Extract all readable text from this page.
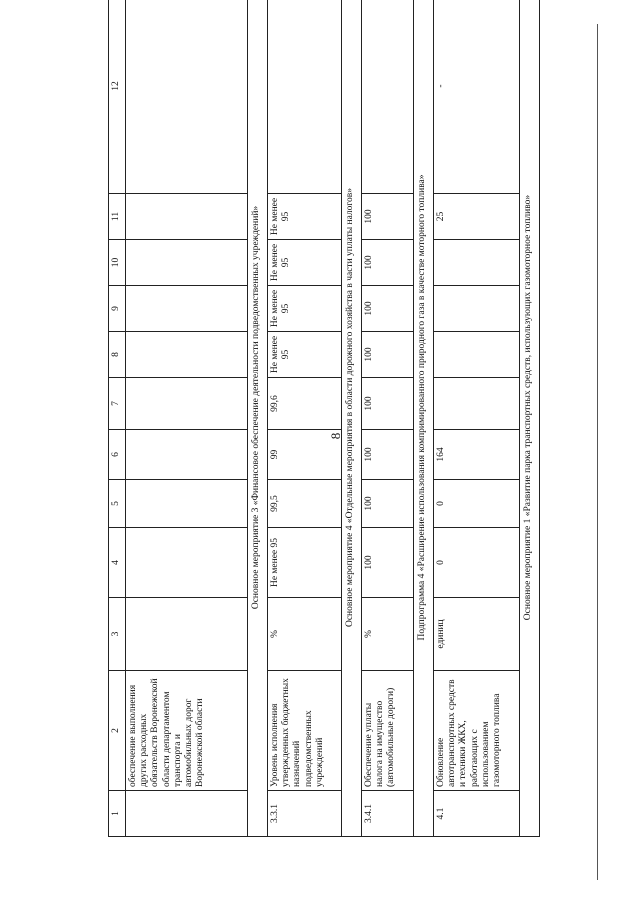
8
1	2	3	4	5	6	7	8	9	10	11	12
	обеспечение выполнения других расходных обязательств Воронежской области департаментом транспорта и автомобильных дорог Воронежской области										
Основное мероприятие 3 «Финансовое обеспечение деятельности подведомственных учреждений»											
3.3.1	Уровень исполнения утвержденных бюджетных назначений подведомственных учреждений	%	Не менее 95	99,5	99	99,6	Не менее 95	Не менее 95	Не менее 95	Не менее 95	
Основное мероприятие 4 «Отдельные мероприятия в области дорожного хозяйства в части уплаты налогов»											
3.4.1	Обеспечение уплаты налога на имущество (автомобильные дороги)	%	100	100	100	100	100	100	100	100	
Подпрограмма 4 «Расширение использования компримированного природного газа в качестве моторного топлива»											
4.1	Обновление автотранспортных средств и техники ЖКХ, работающих с использованием газомоторного топлива	единиц	0	0	164					25	-
Основное мероприятие 1 «Развитие парка транспортных средств, использующих газомоторное топливо»											
